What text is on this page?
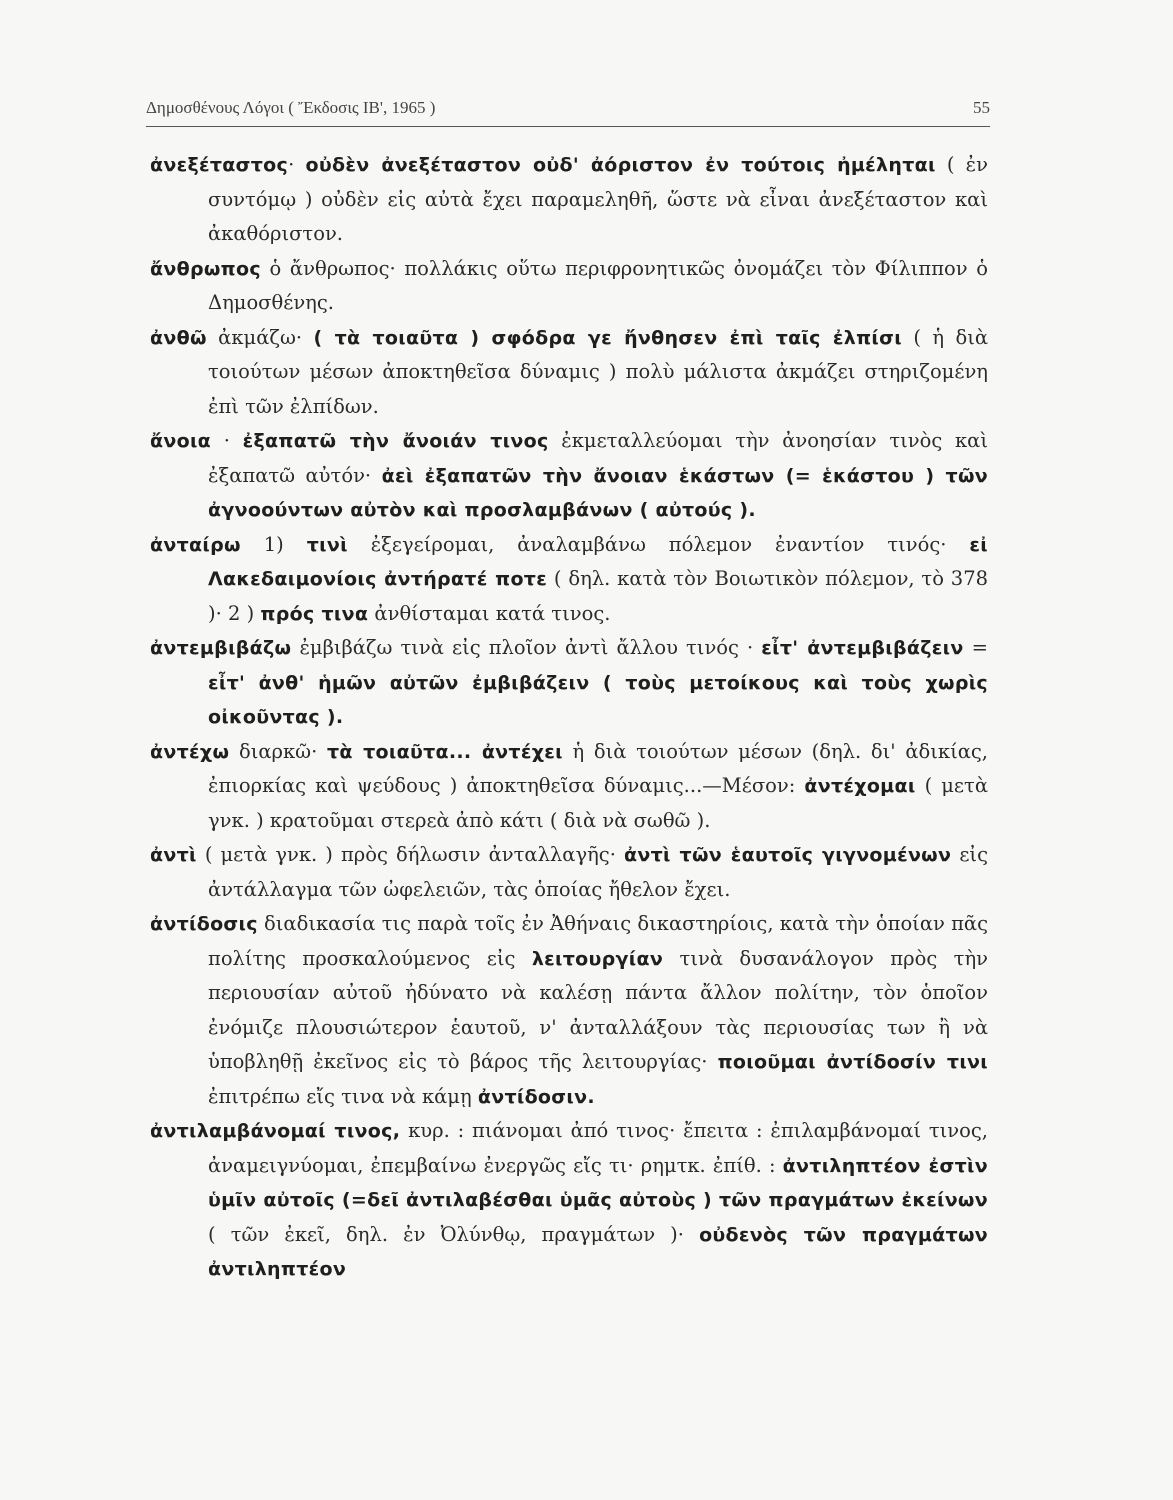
Δημοσθένους Λόγοι ( Ἔκδοσις ΙΒ', 1965 )	55

ἀνεξέταστος· οὐδὲν ἀνεξέταστον οὐδ' ἀόριστον ἐν τούτοις ἠμέληται ( ἐν συντόμῳ ) οὐδὲν εἰς αὐτὰ ἔχει παραμεληθῆ, ὥστε νὰ εἶναι ἀνεξέταστον καὶ ἀκαθόριστον.

ἄνθρωπος ὁ ἄνθρωπος· πολλάκις οὕτω περιφρονητικῶς ὀνομάζει τὸν Φίλιππον ὁ Δημοσθένης.

ἀνθῶ ἀκμάζω· ( τὰ τοιαῦτα ) σφόδρα γε ἤνθησεν ἐπὶ ταῖς ἐλπίσι ( ἡ διὰ τοιούτων μέσων ἀποκτηθεῖσα δύναμις ) πολὺ μάλιστα ἀκμάζει στηριζομένη ἐπὶ τῶν ἐλπίδων.

ἄνοια · ἐξαπατῶ τὴν ἄνοιάν τινος ἐκμεταλλεύομαι τὴν ἀνοησίαν τινὸς καὶ ἐξαπατῶ αὐτόν· ἀεὶ ἐξαπατῶν τὴν ἄνοιαν ἑκάστων (= ἑκάστου ) τῶν ἀγνοούντων αὐτὸν καὶ προσλαμβάνων ( αὐτούς ).

ἀνταίρω 1) τινὶ ἐξεγείρομαι, ἀναλαμβάνω πόλεμον ἐναντίον τινός· εἰ Λακεδαιμονίοις ἀντήρατέ ποτε ( δηλ. κατὰ τὸν Βοιωτικὸν πόλεμον, τὸ 378 )· 2 ) πρός τινα ἀνθίσταμαι κατά τινος.

ἀντεμβιβάζω ἐμβιβάζω τινὰ εἰς πλοῖον ἀντὶ ἄλλου τινός · εἶτ' ἀντεμβιβάζειν = εἶτ' ἀνθ' ἡμῶν αὐτῶν ἐμβιβάζειν ( τοὺς μετοίκους καὶ τοὺς χωρὶς οἰκοῦντας ).

ἀντέχω διαρκῶ· τὰ τοιαῦτα... ἀντέχει ἡ διὰ τοιούτων μέσων (δηλ. δι' ἀδικίας, ἐπιορκίας καὶ ψεύδους ) ἀποκτηθεῖσα δύναμις...—Μέσον: ἀντέχομαι ( μετὰ γνκ. ) κρατοῦμαι στερεὰ ἀπὸ κάτι ( διὰ νὰ σωθῶ ).

ἀντὶ ( μετὰ γνκ. ) πρὸς δήλωσιν ἀνταλλαγῆς· ἀντὶ τῶν ἑαυτοῖς γιγνομένων εἰς ἀντάλλαγμα τῶν ὠφελειῶν, τὰς ὁποίας ἤθελον ἔχει.

ἀντίδοσις διαδικασία τις παρὰ τοῖς ἐν Ἀθήναις δικαστηρίοις, κατὰ τὴν ὁποίαν πᾶς πολίτης προσκαλούμενος εἰς λειτουργίαν τινὰ δυσανάλογον πρὸς τὴν περιουσίαν αὐτοῦ ἠδύνατο νὰ καλέσῃ πάντα ἄλλον πολίτην, τὸν ὁποῖον ἐνόμιζε πλουσιώτερον ἑαυτοῦ, ν' ἀνταλλάξουν τὰς περιουσίας των ἢ νὰ ὑποβληθῇ ἐκεῖνος εἰς τὸ βάρος τῆς λειτουργίας· ποιοῦμαι ἀντίδοσίν τινι ἐπιτρέπω εἴς τινα νὰ κάμῃ ἀντίδοσιν.

ἀντιλαμβάνομαί τινος, κυρ. : πιάνομαι ἀπό τινος· ἔπειτα : ἐπιλαμβάνομαί τινος, ἀναμειγνύομαι, ἐπεμβαίνω ἐνεργῶς εἴς τι· ρημτκ. ἐπίθ. : ἀντιληπτέον ἐστὶν ὑμῖν αὐτοῖς (=δεῖ ἀντιλαβέσθαι ὑμᾶς αὐτοὺς ) τῶν πραγμάτων ἐκείνων ( τῶν ἐκεῖ, δηλ. ἐν Ὀλύνθῳ, πραγμάτων )· οὐδενὸς τῶν πραγμάτων ἀντιληπτέον
